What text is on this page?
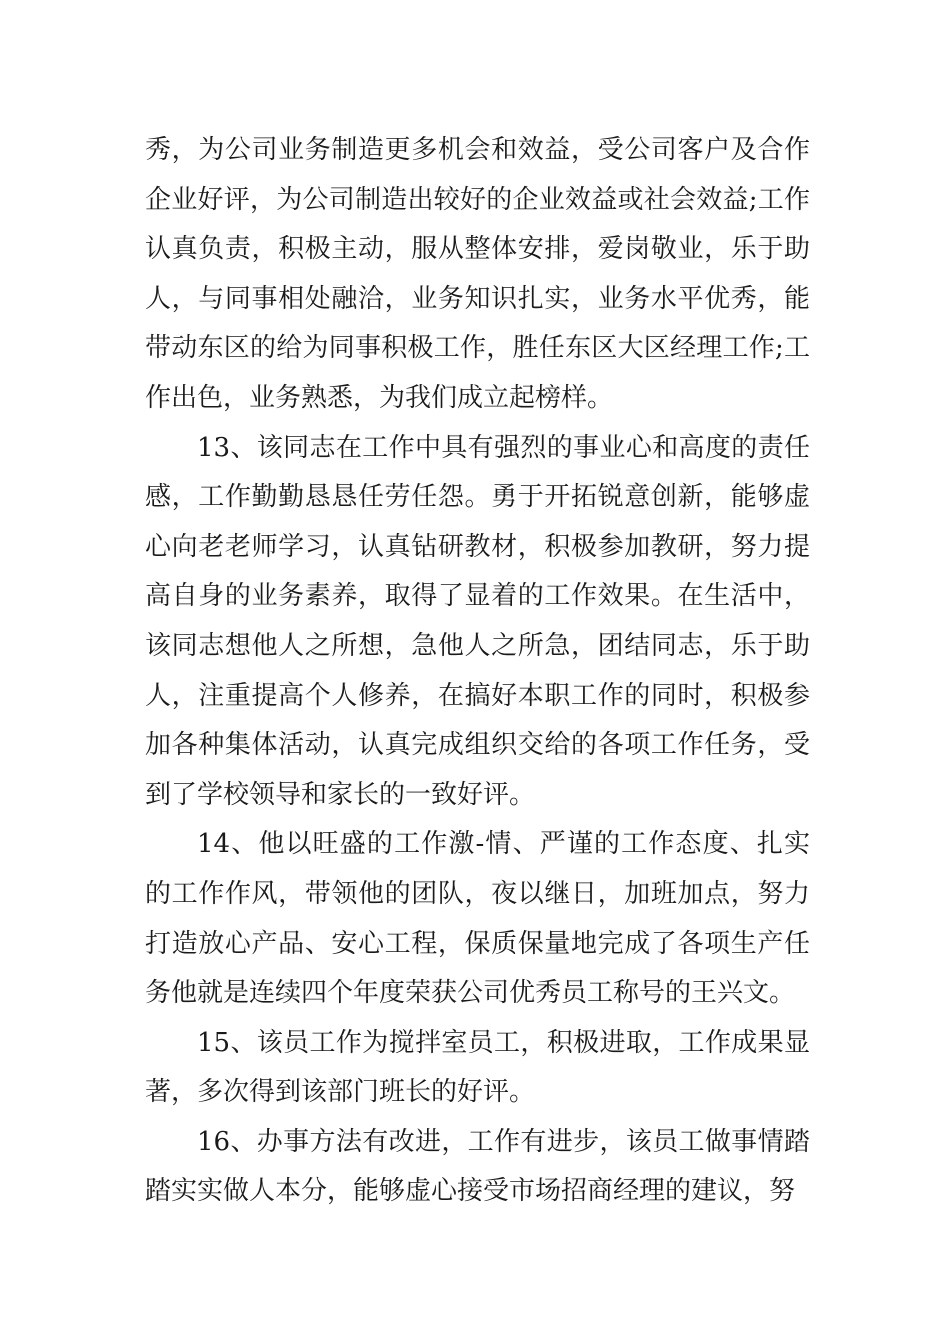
秀，为公司业务制造更多机会和效益，受公司客户及合作企业好评，为公司制造出较好的企业效益或社会效益;工作认真负责，积极主动，服从整体安排，爱岗敬业，乐于助人，与同事相处融洽，业务知识扎实，业务水平优秀，能带动东区的给为同事积极工作，胜任东区大区经理工作;工作出色，业务熟悉，为我们成立起榜样。

13、该同志在工作中具有强烈的事业心和高度的责任感，工作勤勤恳恳任劳任怨。勇于开拓锐意创新，能够虚心向老老师学习，认真钻研教材，积极参加教研，努力提高自身的业务素养，取得了显着的工作效果。在生活中，该同志想他人之所想，急他人之所急，团结同志，乐于助人，注重提高个人修养，在搞好本职工作的同时，积极参加各种集体活动，认真完成组织交给的各项工作任务，受到了学校领导和家长的一致好评。

14、他以旺盛的工作激-情、严谨的工作态度、扎实的工作作风，带领他的团队，夜以继日，加班加点，努力打造放心产品、安心工程，保质保量地完成了各项生产任务他就是连续四个年度荣获公司优秀员工称号的王兴文。

15、该员工作为搅拌室员工，积极进取，工作成果显著，多次得到该部门班长的好评。

16、办事方法有改进，工作有进步，该员工做事情踏踏实实做人本分，能够虚心接受市场招商经理的建议，努
